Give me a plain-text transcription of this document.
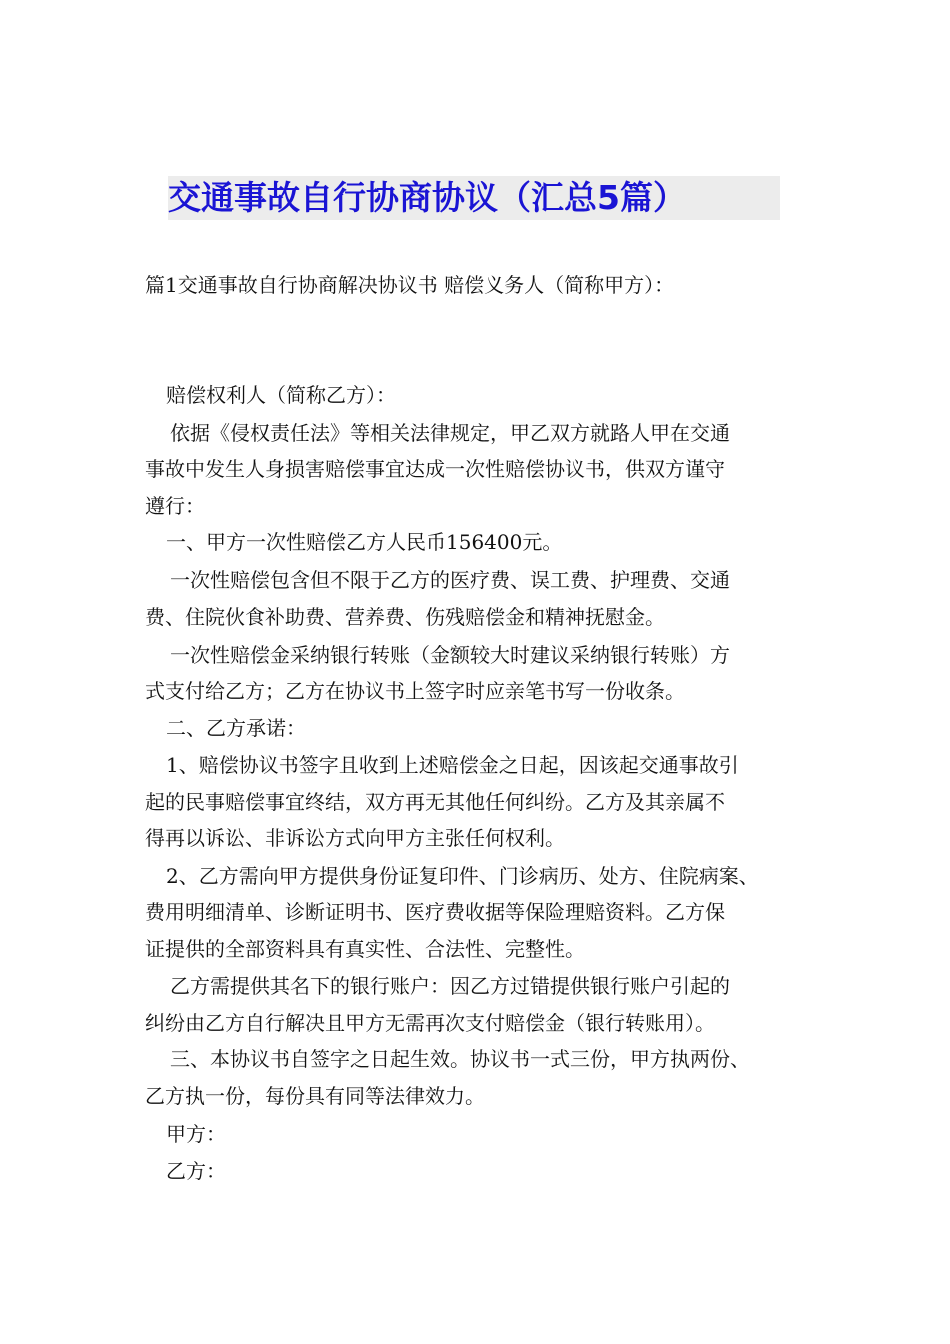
交通事故自行协商协议（汇总5篇）
篇1交通事故自行协商解决协议书 赔偿义务人（简称甲方）：
赔偿权利人（简称乙方）：
依据《侵权责任法》等相关法律规定，甲乙双方就路人甲在交通
事故中发生人身损害赔偿事宜达成一次性赔偿协议书，供双方谨守
遵行：
一、甲方一次性赔偿乙方人民币156400元。
一次性赔偿包含但不限于乙方的医疗费、误工费、护理费、交通
费、住院伙食补助费、营养费、伤残赔偿金和精神抚慰金。
一次性赔偿金采纳银行转账（金额较大时建议采纳银行转账）方
式支付给乙方；乙方在协议书上签字时应亲笔书写一份收条。
二、乙方承诺：
1、赔偿协议书签字且收到上述赔偿金之日起，因该起交通事故引
起的民事赔偿事宜终结，双方再无其他任何纠纷。乙方及其亲属不
得再以诉讼、非诉讼方式向甲方主张任何权利。
2、乙方需向甲方提供身份证复印件、门诊病历、处方、住院病案、
费用明细清单、诊断证明书、医疗费收据等保险理赔资料。乙方保
证提供的全部资料具有真实性、合法性、完整性。
乙方需提供其名下的银行账户：因乙方过错提供银行账户引起的
纠纷由乙方自行解决且甲方无需再次支付赔偿金（银行转账用）。
三、本协议书自签字之日起生效。协议书一式三份，甲方执两份、
乙方执一份，每份具有同等法律效力。
甲方：
乙方：
